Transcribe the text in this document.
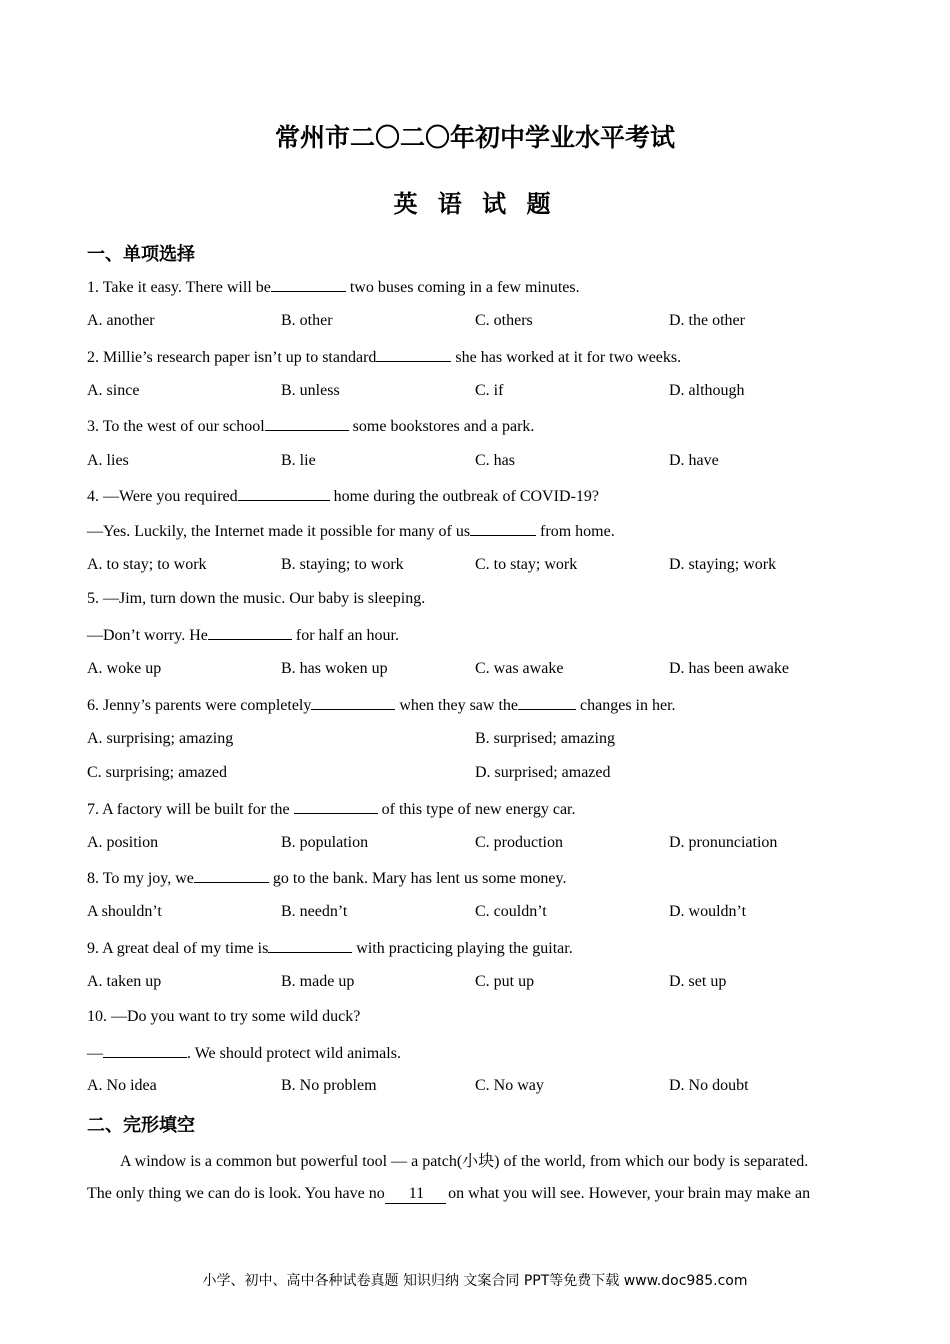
常州市二〇二〇年初中学业水平考试
英 语 试 题
一、单项选择
1. Take it easy. There will be	two buses coming in a few minutes.
A. another	B. other	C. others	D. the other
2. Millie’s research paper isn’t up to standard	she has worked at it for two weeks.
A. since	B. unless	C. if	D. although
3. To the west of our school	some bookstores and a park.
A. lies	B. lie	C. has	D. have
4. —Were you required	home during the outbreak of COVID-19?
—Yes. Luckily, the Internet made it possible for many of us	from home.
A. to stay; to work	B. staying; to work	C. to stay; work	D. staying; work
5. —Jim, turn down the music. Our baby is sleeping.
—Don’t worry. He	for half an hour.
A. woke up	B. has woken up	C. was awake	D. has been awake
6. Jenny’s parents were completely	when they saw the	changes in her.
A. surprising; amazing	B. surprised; amazing
C. surprising; amazed	D. surprised; amazed
7. A factory will be built for the	of this type of new energy car.
A. position	B. population	C. production	D. pronunciation
8. To my joy, we	go to the bank. Mary has lent us some money.
A shouldn’t	B. needn’t	C. couldn’t	D. wouldn’t
9. A great deal of my time is	with practicing playing the guitar.
A. taken up	B. made up	C. put up	D. set up
10. —Do you want to try some wild duck?
—	. We should protect wild animals.
A. No idea	B. No problem	C. No way	D. No doubt
二、完形填空
A window is a common but powerful tool — a patch(小块) of the world, from which our body is separated.
The only thing we can do is look. You have no 11 on what you will see. However, your brain may make an
小学、初中、高中各种试卷真题 知识归纳 文案合同 PPT等免费下载 www.doc985.com
